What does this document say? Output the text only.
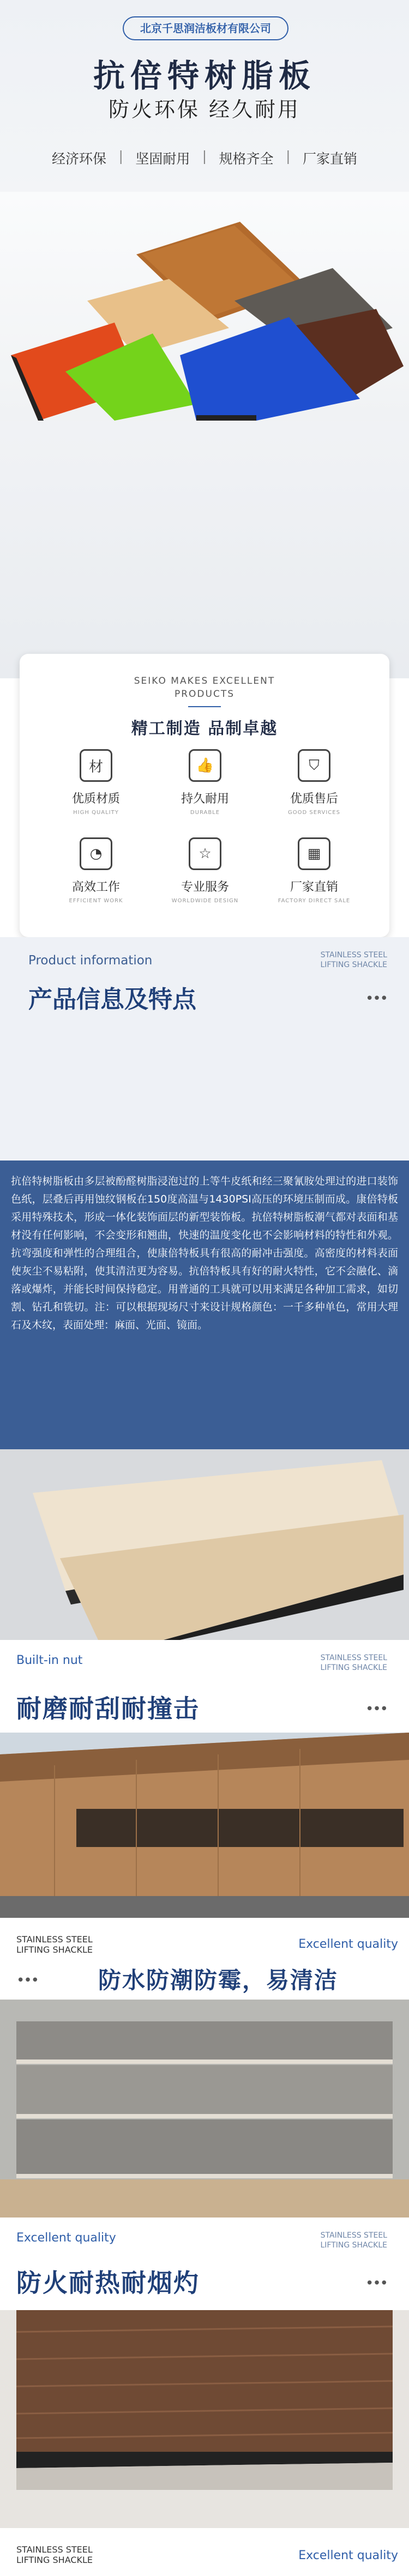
北京千思润洁板材有限公司
抗倍特树脂板
防火环保 经久耐用
经济环保 | 坚固耐用 | 规格齐全 | 厂家直销
SEIKO MAKES EXCELLENT
PRODUCTS
精工制造 品制卓越
材
优质材质
HIGH QUALITY
👍
持久耐用
DURABLE
⛉
优质售后
GOOD SERVICES
◔
高效工作
EFFICIENT WORK
☆
专业服务
WORLDWIDE DESIGN
▦
厂家直销
FACTORY DIRECT SALE
Product information	STAINLESS STEEL
LIFTING SHACKLE
产品信息及特点	•••

抗倍特树脂板由多层被酚醛树脂浸泡过的上等牛皮纸和经三聚氰胺处理过的进口装饰色纸，层叠后再用蚀纹钢板在150度高温与1430PSI高压的环境压制而成。康倍特板采用特殊技术，形成一体化装饰面层的新型装饰板。抗倍特树脂板潮气都对表面和基材没有任何影响，不会变形和翘曲，快速的温度变化也不会影响材料的特性和外观。抗弯强度和弹性的合理组合，使康倍特板具有很高的耐冲击强度。高密度的材料表面使灰尘不易粘附，使其清洁更为容易。抗倍特板具有好的耐火特性，它不会融化、滴落或爆炸，并能长时间保持稳定。用普通的工具就可以用来满足各种加工需求，如切割、钻孔和铣切。注：可以根据现场尺寸来设计规格颜色：一千多种单色，常用大理石及木纹，表面处理：麻面、光面、镜面。

Built-in nut	STAINLESS STEEL
LIFTING SHACKLE
耐磨耐刮耐撞击	•••
STAINLESS STEEL
LIFTING SHACKLE	Excellent quality
防水防潮防霉，易清洁
•••
Excellent quality	STAINLESS STEEL
LIFTING SHACKLE
防火耐热耐烟灼	•••
STAINLESS STEEL
LIFTING SHACKLE	Excellent quality
